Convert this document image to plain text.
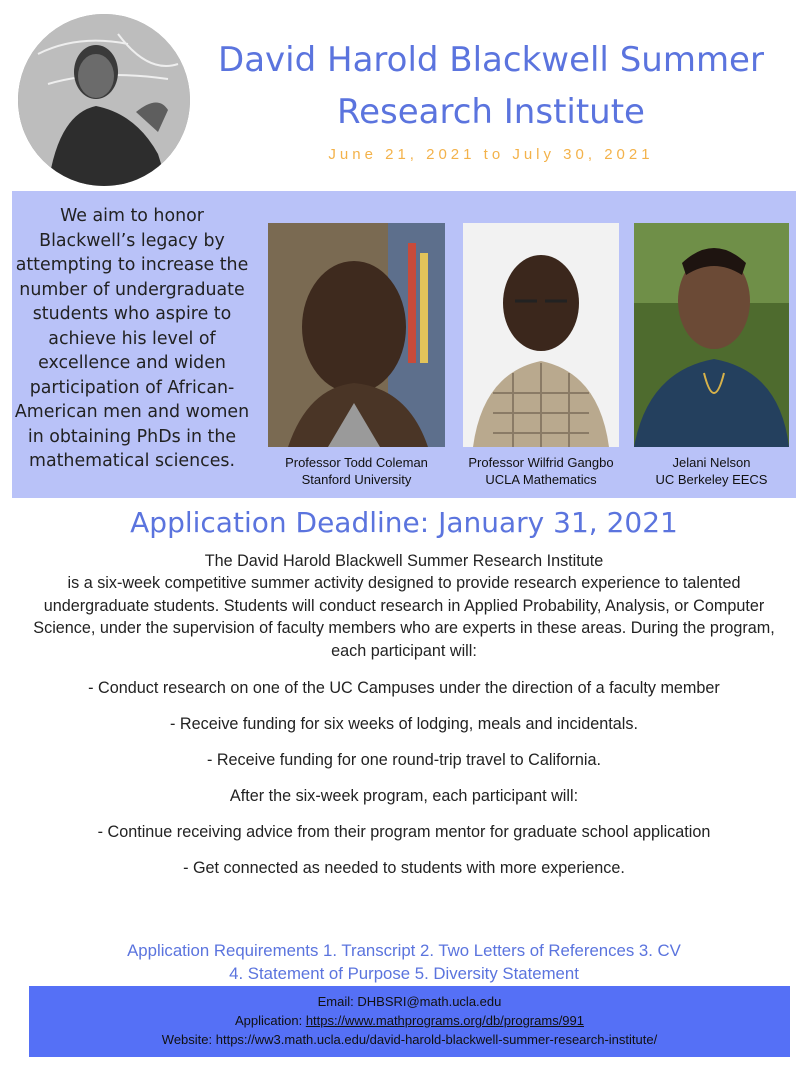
David Harold Blackwell Summer
Research Institute
June 21, 2021 to July 30, 2021
We aim to honor Blackwell’s legacy by attempting to increase the number of undergraduate students who aspire to achieve his level of excellence and widen participation of African-American men and women in obtaining PhDs in the mathematical sciences.	Professor Todd Coleman
Stanford University
Professor Wilfrid Gangbo
UCLA Mathematics
Jelani Nelson
UC Berkeley EECS
Application Deadline: January 31, 2021
The David Harold Blackwell Summer Research Institute
is a six-week competitive summer activity designed to provide research experience to talented undergraduate students. Students will conduct research in Applied Probability, Analysis, or Computer Science, under the supervision of faculty members who are experts in these areas. During the program, each participant will:

- Conduct research on one of the UC Campuses under the direction of a faculty member

- Receive funding for six weeks of lodging, meals and incidentals.

- Receive funding for one round-trip travel to California.

After the six-week program, each participant will:

- Continue receiving advice from their program mentor for graduate school application

- Get connected as needed to students with more experience.

Application Requirements 1. Transcript 2. Two Letters of References 3. CV
4. Statement of Purpose 5. Diversity Statement
Email: DHBSRI@math.ucla.edu
Application: https://www.mathprograms.org/db/programs/991
Website: https://ww3.math.ucla.edu/david-harold-blackwell-summer-research-institute/
